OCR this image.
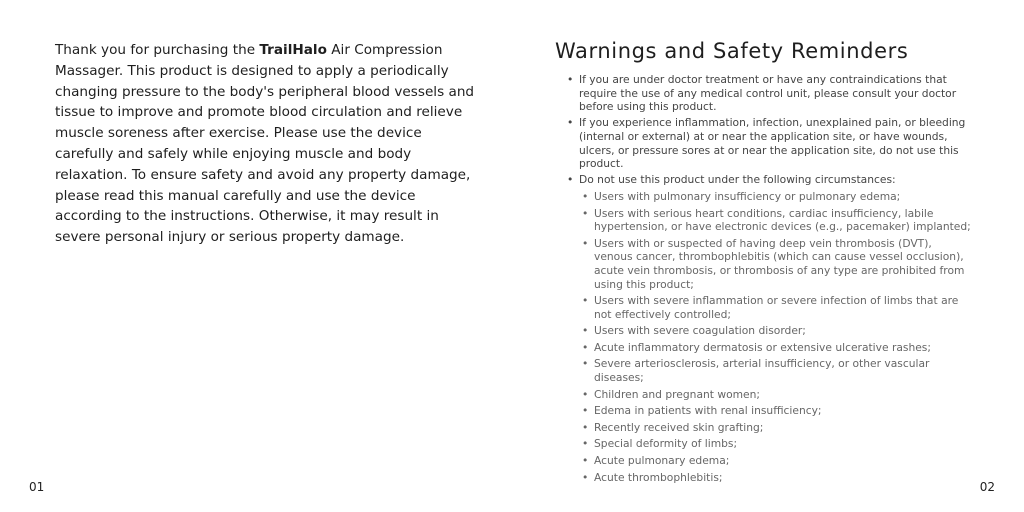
Thank you for purchasing the TrailHalo Air Compression Massager. This product is designed to apply a periodically changing pressure to the body's peripheral blood vessels and tissue to improve and promote blood circulation and relieve muscle soreness after exercise. Please use the device carefully and safely while enjoying muscle and body relaxation. To ensure safety and avoid any property damage, please read this manual carefully and use the device according to the instructions. Otherwise, it may result in severe personal injury or serious property damage.

01
Warnings and Safety Reminders
• If you are under doctor treatment or have any contraindications that require the use of any medical control unit, please consult your doctor before using this product.
• If you experience inflammation, infection, unexplained pain, or bleeding (internal or external) at or near the application site, or have wounds, ulcers, or pressure sores at or near the application site, do not use this product.
• Do not use this product under the following circumstances:
• Users with pulmonary insufficiency or pulmonary edema;
• Users with serious heart conditions, cardiac insufficiency, labile hypertension, or have electronic devices (e.g., pacemaker) implanted;
• Users with or suspected of having deep vein thrombosis (DVT), venous cancer, thrombophlebitis (which can cause vessel occlusion), acute vein thrombosis, or thrombosis of any type are prohibited from using this product;
• Users with severe inflammation or severe infection of limbs that are not effectively controlled;
• Users with severe coagulation disorder;
• Acute inflammatory dermatosis or extensive ulcerative rashes;
• Severe arteriosclerosis, arterial insufficiency, or other vascular diseases;
• Children and pregnant women;
• Edema in patients with renal insufficiency;
• Recently received skin grafting;
• Special deformity of limbs;
• Acute pulmonary edema;
• Acute thrombophlebitis;
02
